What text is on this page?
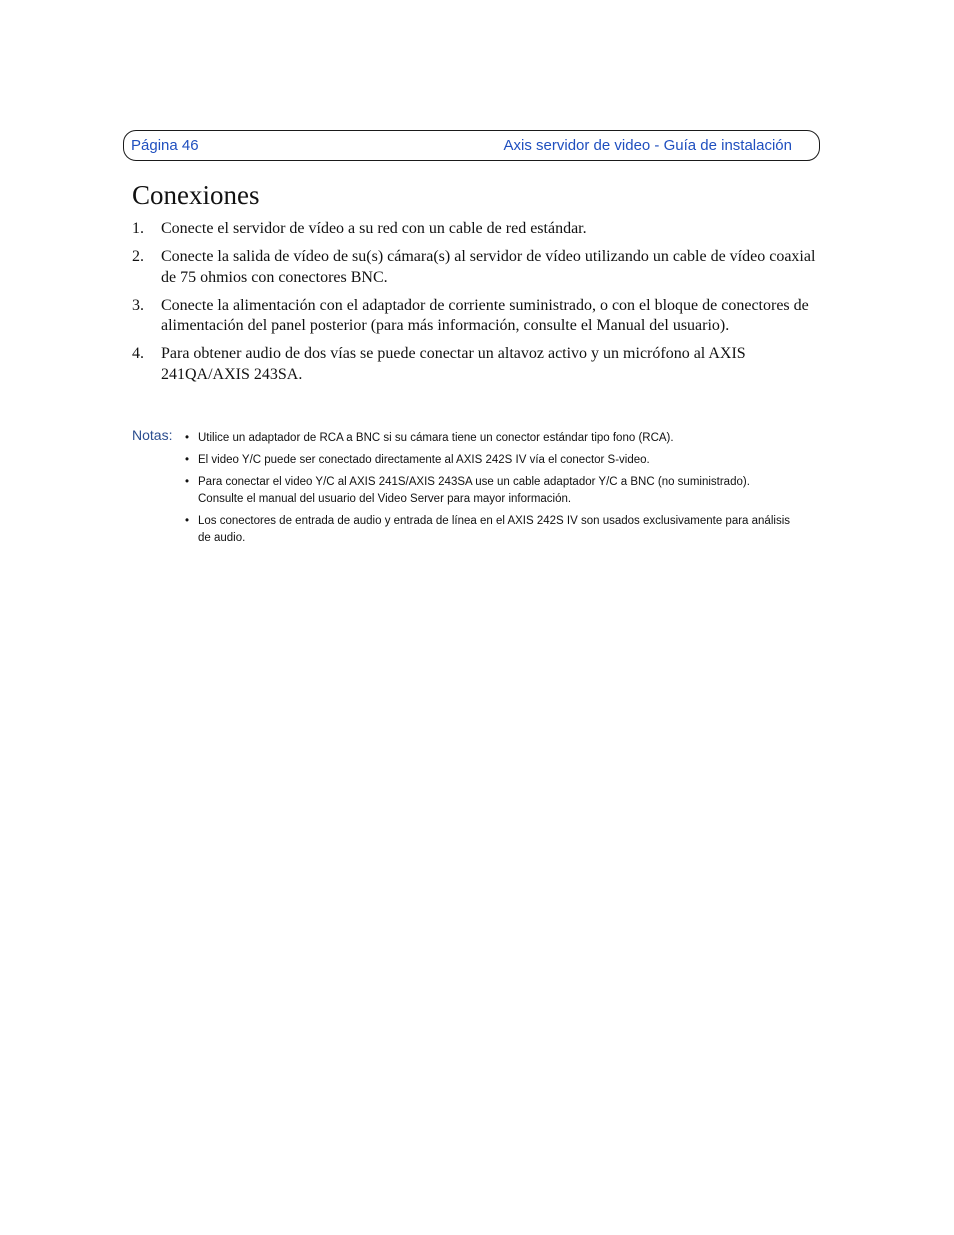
Página 46	Axis servidor de video - Guía de instalación
Conexiones
1. Conecte el servidor de vídeo a su red con un cable de red estándar.
2. Conecte la salida de vídeo de su(s) cámara(s) al servidor de vídeo utilizando un cable de vídeo coaxial de 75 ohmios con conectores BNC.
3. Conecte la alimentación con el adaptador de corriente suministrado, o con el bloque de conectores de alimentación del panel posterior (para más información, consulte el Manual del usuario).
4. Para obtener audio de dos vías se puede conectar un altavoz activo y un micrófono al AXIS 241QA/AXIS 243SA.
Notas: • Utilice un adaptador de RCA a BNC si su cámara tiene un conector estándar tipo fono (RCA).
• El video Y/C puede ser conectado directamente al AXIS 242S IV vía el conector S-video.
• Para conectar el video Y/C al AXIS 241S/AXIS 243SA use un cable adaptador Y/C a BNC (no suministrado). Consulte el manual del usuario del Video Server para mayor información.
• Los conectores de entrada de audio y entrada de línea en el AXIS 242S IV son usados exclusivamente para análisis de audio.
